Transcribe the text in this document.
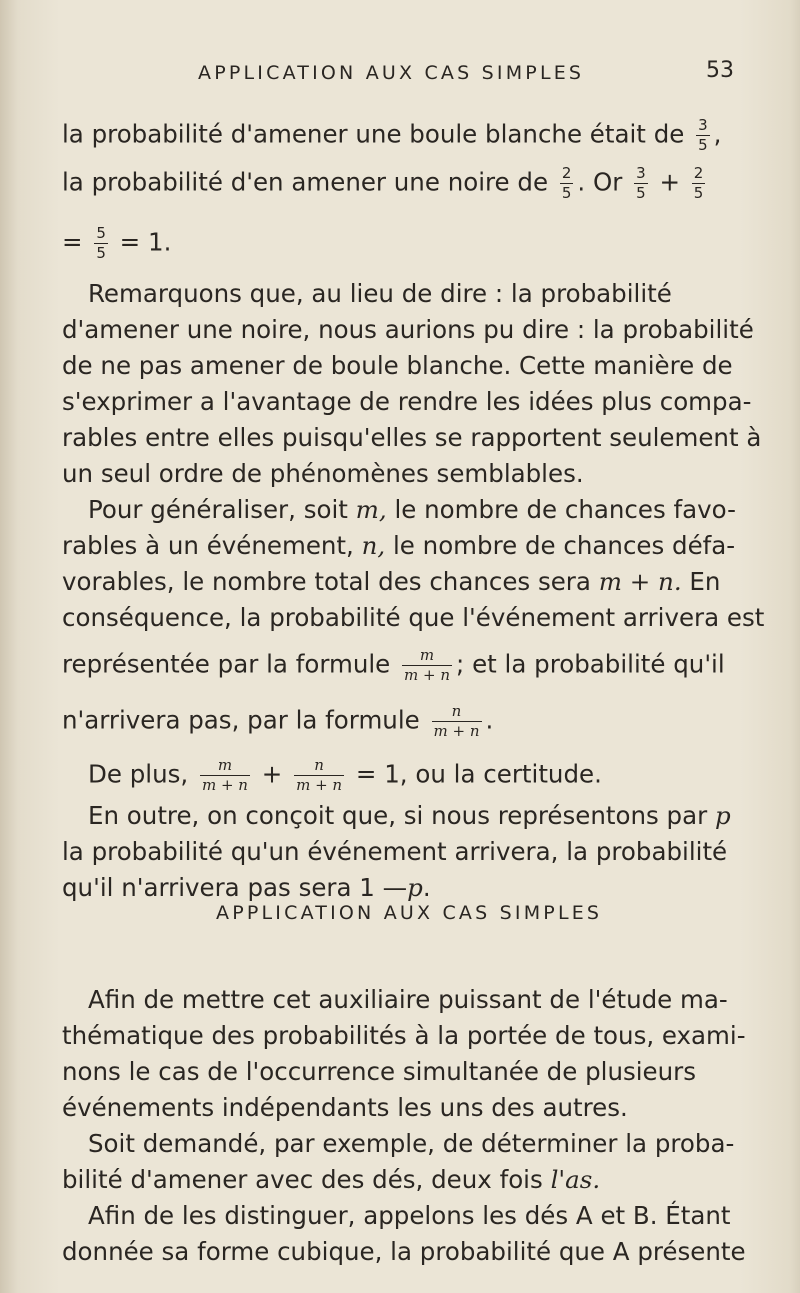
APPLICATION AUX CAS SIMPLES	53
la probabilité d'amener une boule blanche était de $\frac{3}{5}$ ,
la probabilité d'en amener une noire de $\frac{2}{5}$ . Or $\frac{3}{5} + \frac{2}{5}$
= $\frac{5}{5} = 1$.
Remarquons que, au lieu de dire : la probabilité
d'amener une noire, nous aurions pu dire : la probabilité
de ne pas amener de boule blanche. Cette manière de
s'exprimer a l'avantage de rendre les idées plus compa-
rables entre elles puisqu'elles se rapportent seulement à
un seul ordre de phénomènes semblables.
Pour généraliser, soit m, le nombre de chances favo-
rables à un événement, n, le nombre de chances défa-
vorables, le nombre total des chances sera m + n. En
conséquence, la probabilité que l'événement arrivera est
représentée par la formule $\frac{m}{m + n}$ ; et la probabilité qu'il
n'arrivera pas, par la formule $\frac{n}{m + n}$ .
De plus, $\frac{m}{m + n} + \frac{n}{m + n} = 1$, ou la certitude.
En outre, on conçoit que, si nous représentons par p
la probabilité qu'un événement arrivera, la probabilité
qu'il n'arrivera pas sera 1 —p.
APPLICATION AUX CAS SIMPLES
Afin de mettre cet auxiliaire puissant de l'étude ma-
thématique des probabilités à la portée de tous, exami-
nons le cas de l'occurrence simultanée de plusieurs
événements indépendants les uns des autres.
Soit demandé, par exemple, de déterminer la proba-
bilité d'amener avec des dés, deux fois l'as.
Afin de les distinguer, appelons les dés A et B. Étant
donnée sa forme cubique, la probabilité que A présente
